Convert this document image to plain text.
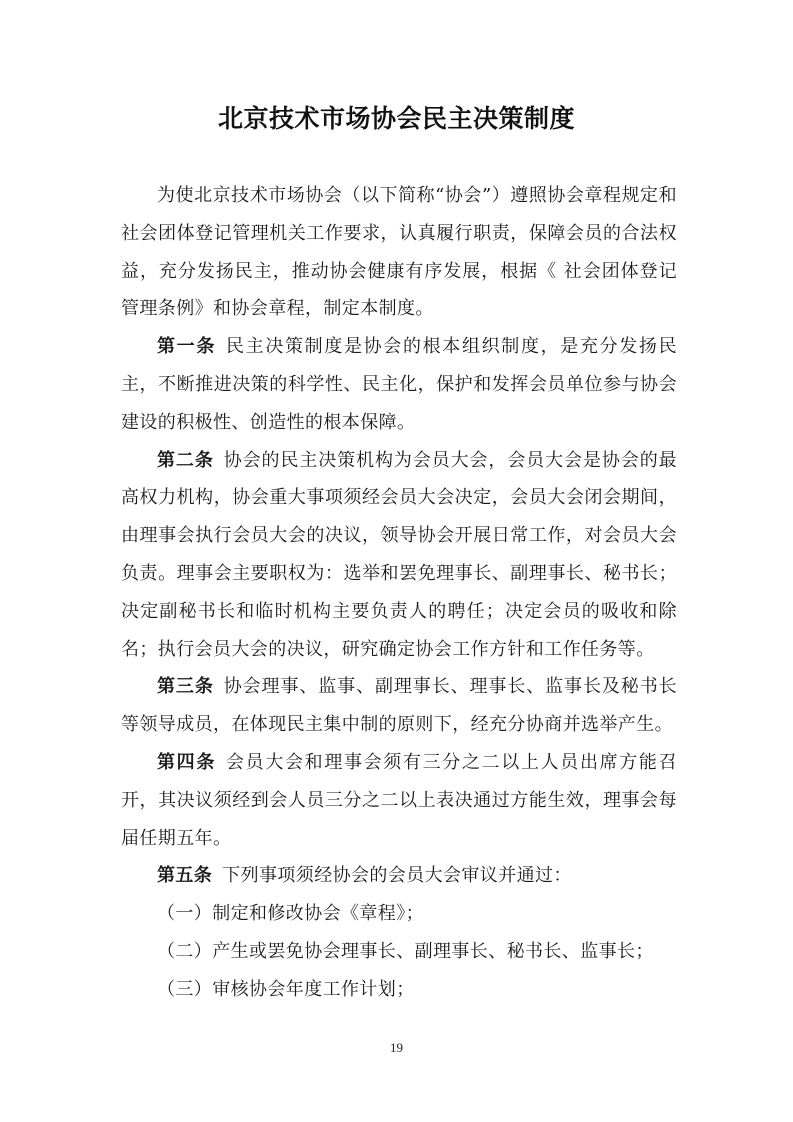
北京技术市场协会民主决策制度

为使北京技术市场协会（以下简称“协会”）遵照协会章程规定和社会团体登记管理机关工作要求，认真履行职责，保障会员的合法权益，充分发扬民主，推动协会健康有序发展，根据《 社会团体登记管理条例》和协会章程，制定本制度。

第一条 民主决策制度是协会的根本组织制度，是充分发扬民主，不断推进决策的科学性、民主化，保护和发挥会员单位参与协会建设的积极性、创造性的根本保障。

第二条 协会的民主决策机构为会员大会，会员大会是协会的最高权力机构，协会重大事项须经会员大会决定，会员大会闭会期间，由理事会执行会员大会的决议，领导协会开展日常工作，对会员大会负责。理事会主要职权为：选举和罢免理事长、副理事长、秘书长；决定副秘书长和临时机构主要负责人的聘任；决定会员的吸收和除名；执行会员大会的决议，研究确定协会工作方针和工作任务等。

第三条 协会理事、监事、副理事长、理事长、监事长及秘书长等领导成员，在体现民主集中制的原则下，经充分协商并选举产生。

第四条 会员大会和理事会须有三分之二以上人员出席方能召开，其决议须经到会人员三分之二以上表决通过方能生效，理事会每届任期五年。

第五条 下列事项须经协会的会员大会审议并通过：

（一）制定和修改协会《章程》；

（二）产生或罢免协会理事长、副理事长、秘书长、监事长；

（三）审核协会年度工作计划；

19
